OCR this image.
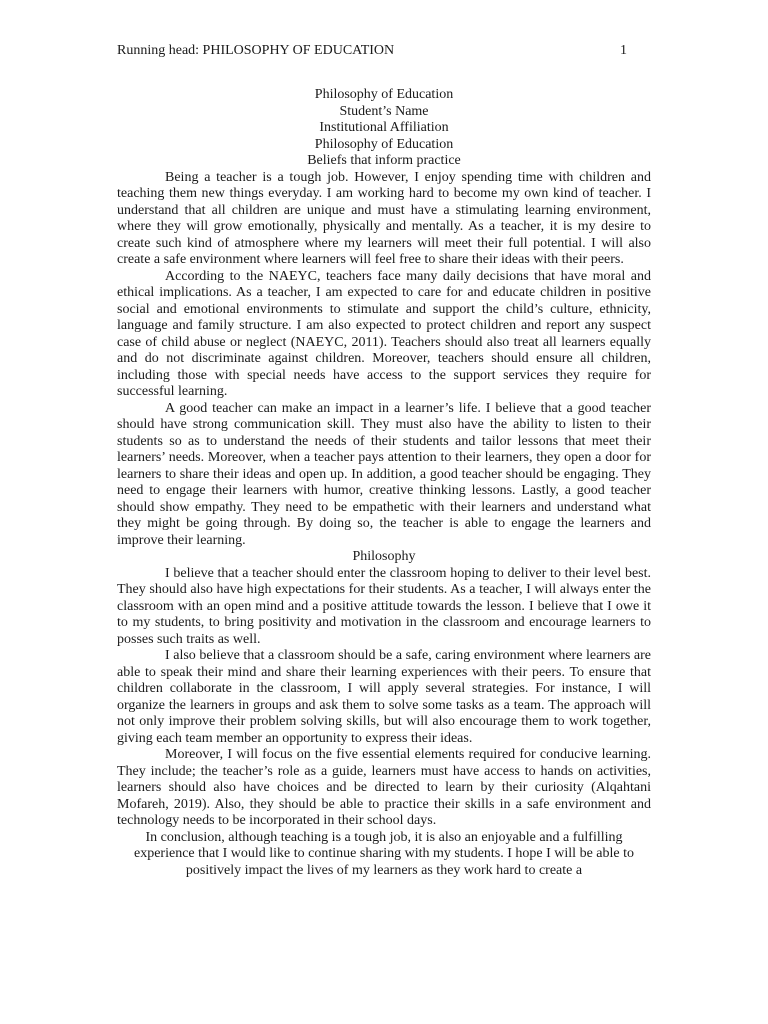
Running head: PHILOSOPHY OF EDUCATION	1
Philosophy of Education
Student’s Name
Institutional Affiliation
Philosophy of Education
Beliefs that inform practice

Being a teacher is a tough job. However, I enjoy spending time with children and teaching them new things everyday. I am working hard to become my own kind of teacher. I understand that all children are unique and must have a stimulating learning environment, where they will grow emotionally, physically and mentally. As a teacher, it is my desire to create such kind of atmosphere where my learners will meet their full potential. I will also create a safe environment where learners will feel free to share their ideas with their peers.

According to the NAEYC, teachers face many daily decisions that have moral and ethical implications. As a teacher, I am expected to care for and educate children in positive social and emotional environments to stimulate and support the child’s culture, ethnicity, language and family structure. I am also expected to protect children and report any suspect case of child abuse or neglect (NAEYC, 2011). Teachers should also treat all learners equally and do not discriminate against children. Moreover, teachers should ensure all children, including those with special needs have access to the support services they require for successful learning.

A good teacher can make an impact in a learner’s life. I believe that a good teacher should have strong communication skill. They must also have the ability to listen to their students so as to understand the needs of their students and tailor lessons that meet their learners’ needs. Moreover, when a teacher pays attention to their learners, they open a door for learners to share their ideas and open up. In addition, a good teacher should be engaging. They need to engage their learners with humor, creative thinking lessons. Lastly, a good teacher should show empathy. They need to be empathetic with their learners and understand what they might be going through. By doing so, the teacher is able to engage the learners and improve their learning.

Philosophy

I believe that a teacher should enter the classroom hoping to deliver to their level best. They should also have high expectations for their students. As a teacher, I will always enter the classroom with an open mind and a positive attitude towards the lesson. I believe that I owe it to my students, to bring positivity and motivation in the classroom and encourage learners to posses such traits as well.

I also believe that a classroom should be a safe, caring environment where learners are able to speak their mind and share their learning experiences with their peers. To ensure that children collaborate in the classroom, I will apply several strategies. For instance, I will organize the learners in groups and ask them to solve some tasks as a team. The approach will not only improve their problem solving skills, but will also encourage them to work together, giving each team member an opportunity to express their ideas.

Moreover, I will focus on the five essential elements required for conducive learning. They include; the teacher’s role as a guide, learners must have access to hands on activities, learners should also have choices and be directed to learn by their curiosity (Alqahtani Mofareh, 2019). Also, they should be able to practice their skills in a safe environment and technology needs to be incorporated in their school days.

In conclusion, although teaching is a tough job, it is also an enjoyable and a fulfilling experience that I would like to continue sharing with my students. I hope I will be able to positively impact the lives of my learners as they work hard to create a
